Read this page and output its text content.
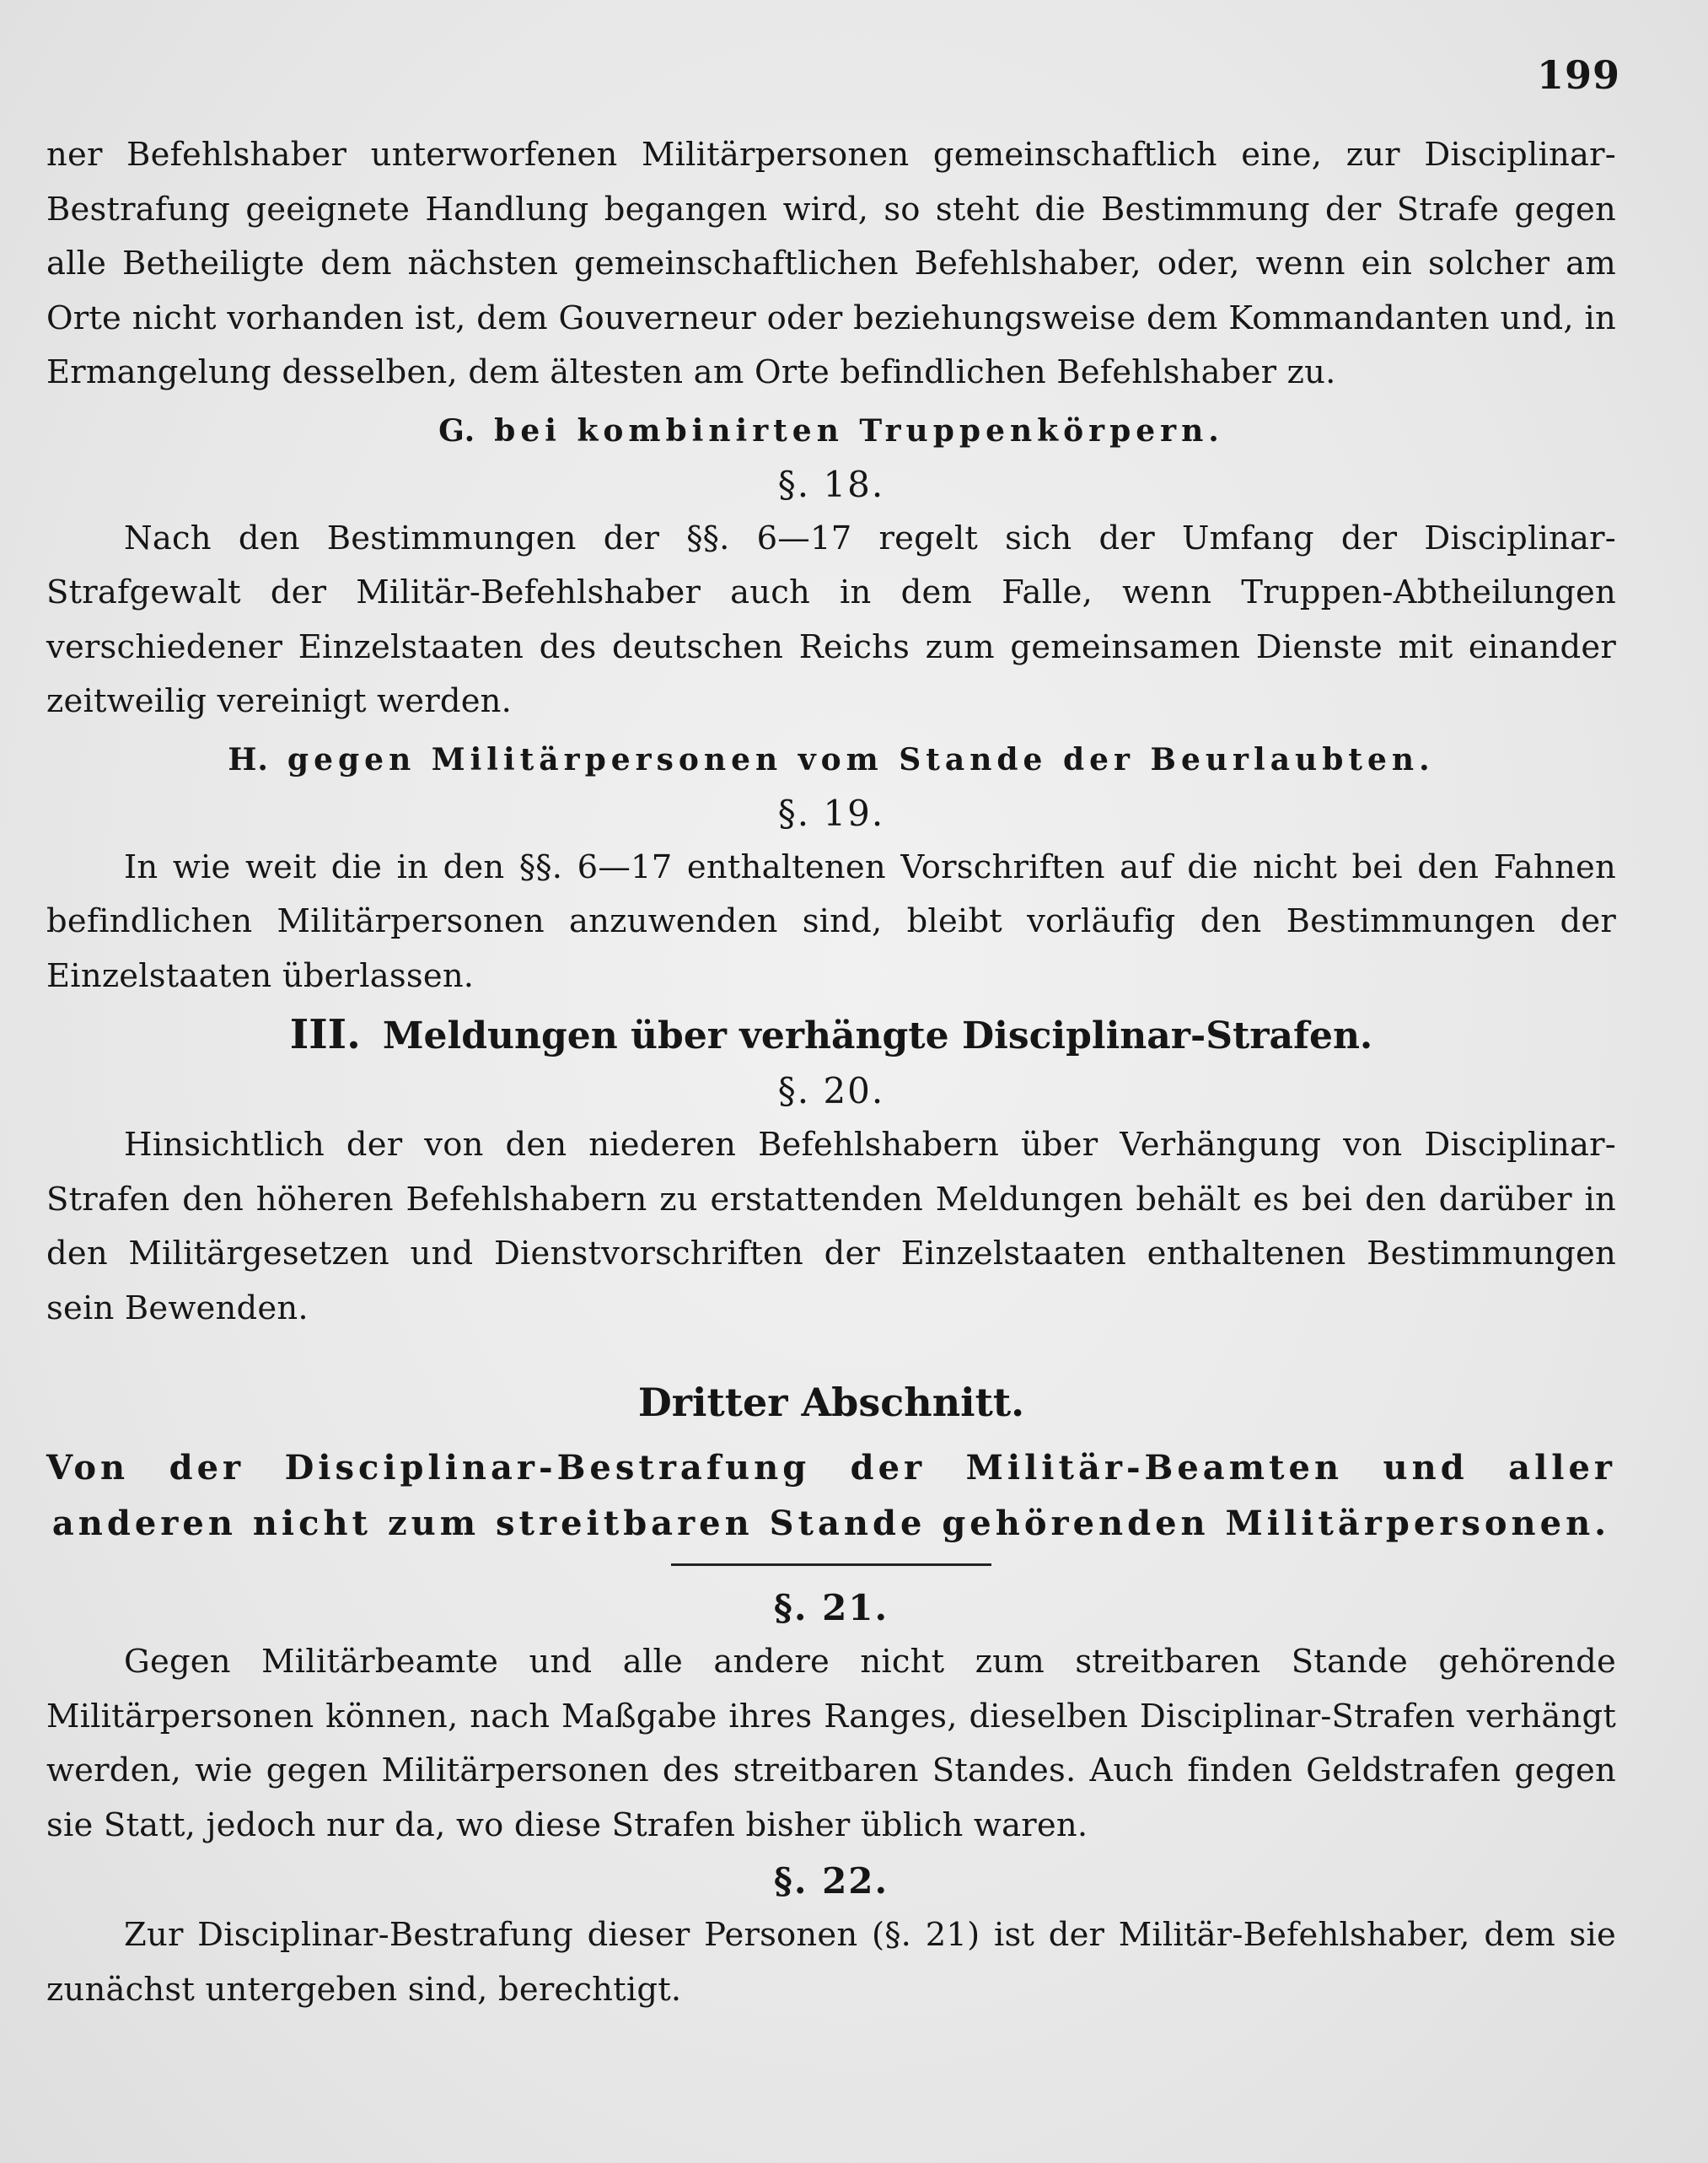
199

ner Befehlshaber unterworfenen Militärpersonen gemeinschaftlich eine, zur Disciplinar-Bestrafung geeignete Handlung begangen wird, so steht die Bestimmung der Strafe gegen alle Betheiligte dem nächsten gemeinschaftlichen Befehlshaber, oder, wenn ein solcher am Orte nicht vorhanden ist, dem Gouverneur oder beziehungsweise dem Kommandanten und, in Ermangelung desselben, dem ältesten am Orte befindlichen Befehlshaber zu.

G. bei kombinirten Truppenkörpern.
§. 18.

Nach den Bestimmungen der §§. 6—17 regelt sich der Umfang der Disciplinar-Strafgewalt der Militär-Befehlshaber auch in dem Falle, wenn Truppen-Abtheilungen verschiedener Einzelstaaten des deutschen Reichs zum gemeinsamen Dienste mit einander zeitweilig vereinigt werden.

H. gegen Militärpersonen vom Stande der Beurlaubten.
§. 19.

In wie weit die in den §§. 6—17 enthaltenen Vorschriften auf die nicht bei den Fahnen befindlichen Militärpersonen anzuwenden sind, bleibt vorläufig den Bestimmungen der Einzelstaaten überlassen.

III. Meldungen über verhängte Disciplinar-Strafen.
§. 20.

Hinsichtlich der von den niederen Befehlshabern über Verhängung von Disciplinar-Strafen den höheren Befehlshabern zu erstattenden Meldungen behält es bei den darüber in den Militärgesetzen und Dienstvorschriften der Einzelstaaten enthaltenen Bestimmungen sein Bewenden.

Dritter Abschnitt.
Von der Disciplinar-Bestrafung der Militär-Beamten und aller anderen nicht zum streitbaren Stande gehörenden Militärpersonen.
§. 21.

Gegen Militärbeamte und alle andere nicht zum streitbaren Stande gehörende Militärpersonen können, nach Maßgabe ihres Ranges, dieselben Disciplinar-Strafen verhängt werden, wie gegen Militärpersonen des streitbaren Standes. Auch finden Geldstrafen gegen sie Statt, jedoch nur da, wo diese Strafen bisher üblich waren.

§. 22.

Zur Disciplinar-Bestrafung dieser Personen (§. 21) ist der Militär-Befehlshaber, dem sie zunächst untergeben sind, berechtigt.
